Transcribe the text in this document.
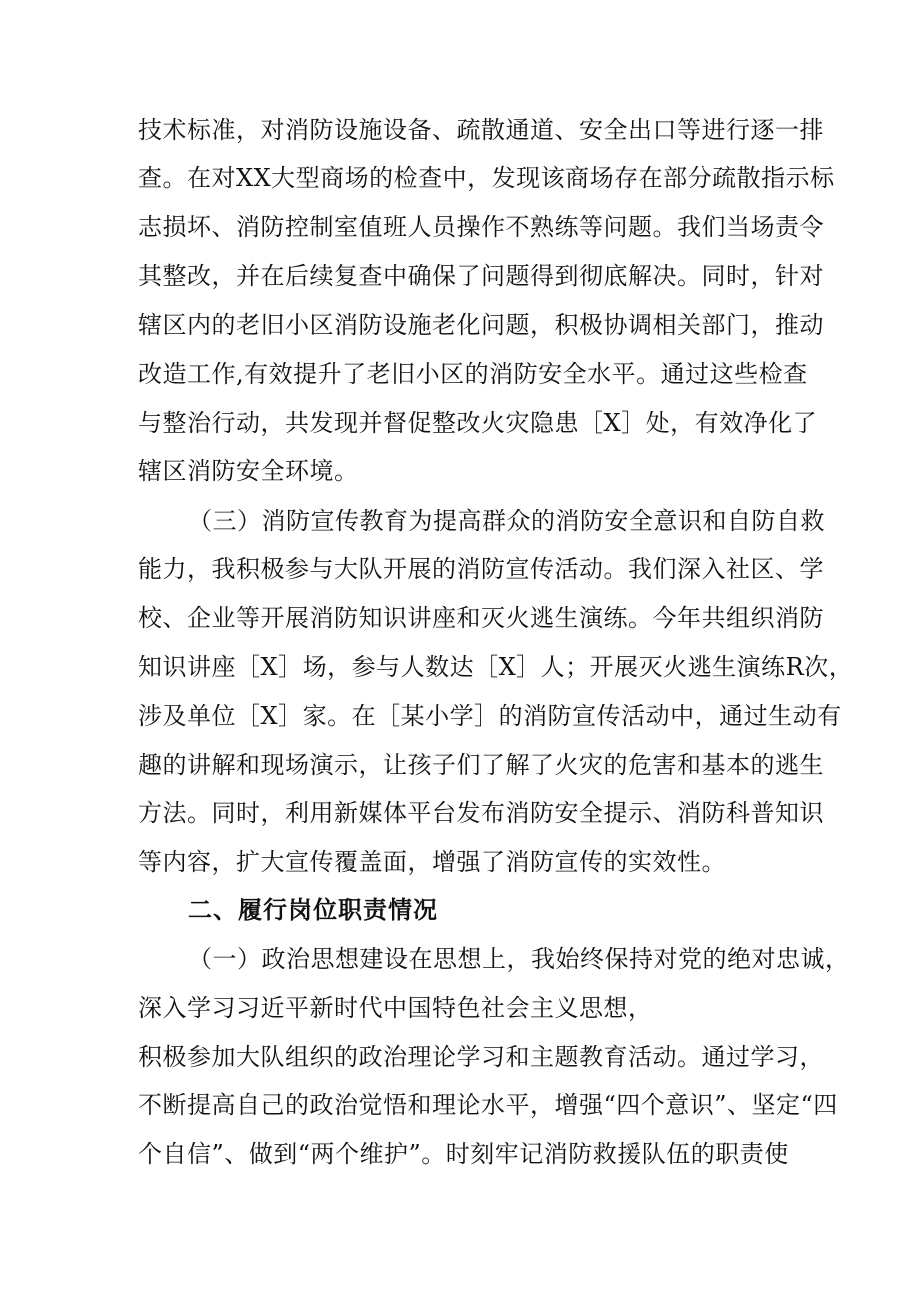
技术标准，对消防设施设备、疏散通道、安全出口等进行逐一排
查。在对XX大型商场的检查中，发现该商场存在部分疏散指示标
志损坏、消防控制室值班人员操作不熟练等问题。我们当场责令
其整改，并在后续复查中确保了问题得到彻底解决。同时，针对
辖区内的老旧小区消防设施老化问题，积极协调相关部门，推动
改造工作,有效提升了老旧小区的消防安全水平。通过这些检查
与整治行动，共发现并督促整改火灾隐患［X］处，有效净化了
辖区消防安全环境。
（三）消防宣传教育为提高群众的消防安全意识和自防自救
能力，我积极参与大队开展的消防宣传活动。我们深入社区、学
校、企业等开展消防知识讲座和灭火逃生演练。今年共组织消防
知识讲座［X］场，参与人数达［X］人；开展灭火逃生演练R次，
涉及单位［X］家。在［某小学］的消防宣传活动中，通过生动有
趣的讲解和现场演示，让孩子们了解了火灾的危害和基本的逃生
方法。同时，利用新媒体平台发布消防安全提示、消防科普知识
等内容，扩大宣传覆盖面，增强了消防宣传的实效性。
二、履行岗位职责情况
（一）政治思想建设在思想上，我始终保持对党的绝对忠诚，
深入学习习近平新时代中国特色社会主义思想，
积极参加大队组织的政治理论学习和主题教育活动。通过学习，
不断提高自己的政治觉悟和理论水平，增强“四个意识”、坚定“四
个自信”、做到“两个维护”。时刻牢记消防救援队伍的职责使
